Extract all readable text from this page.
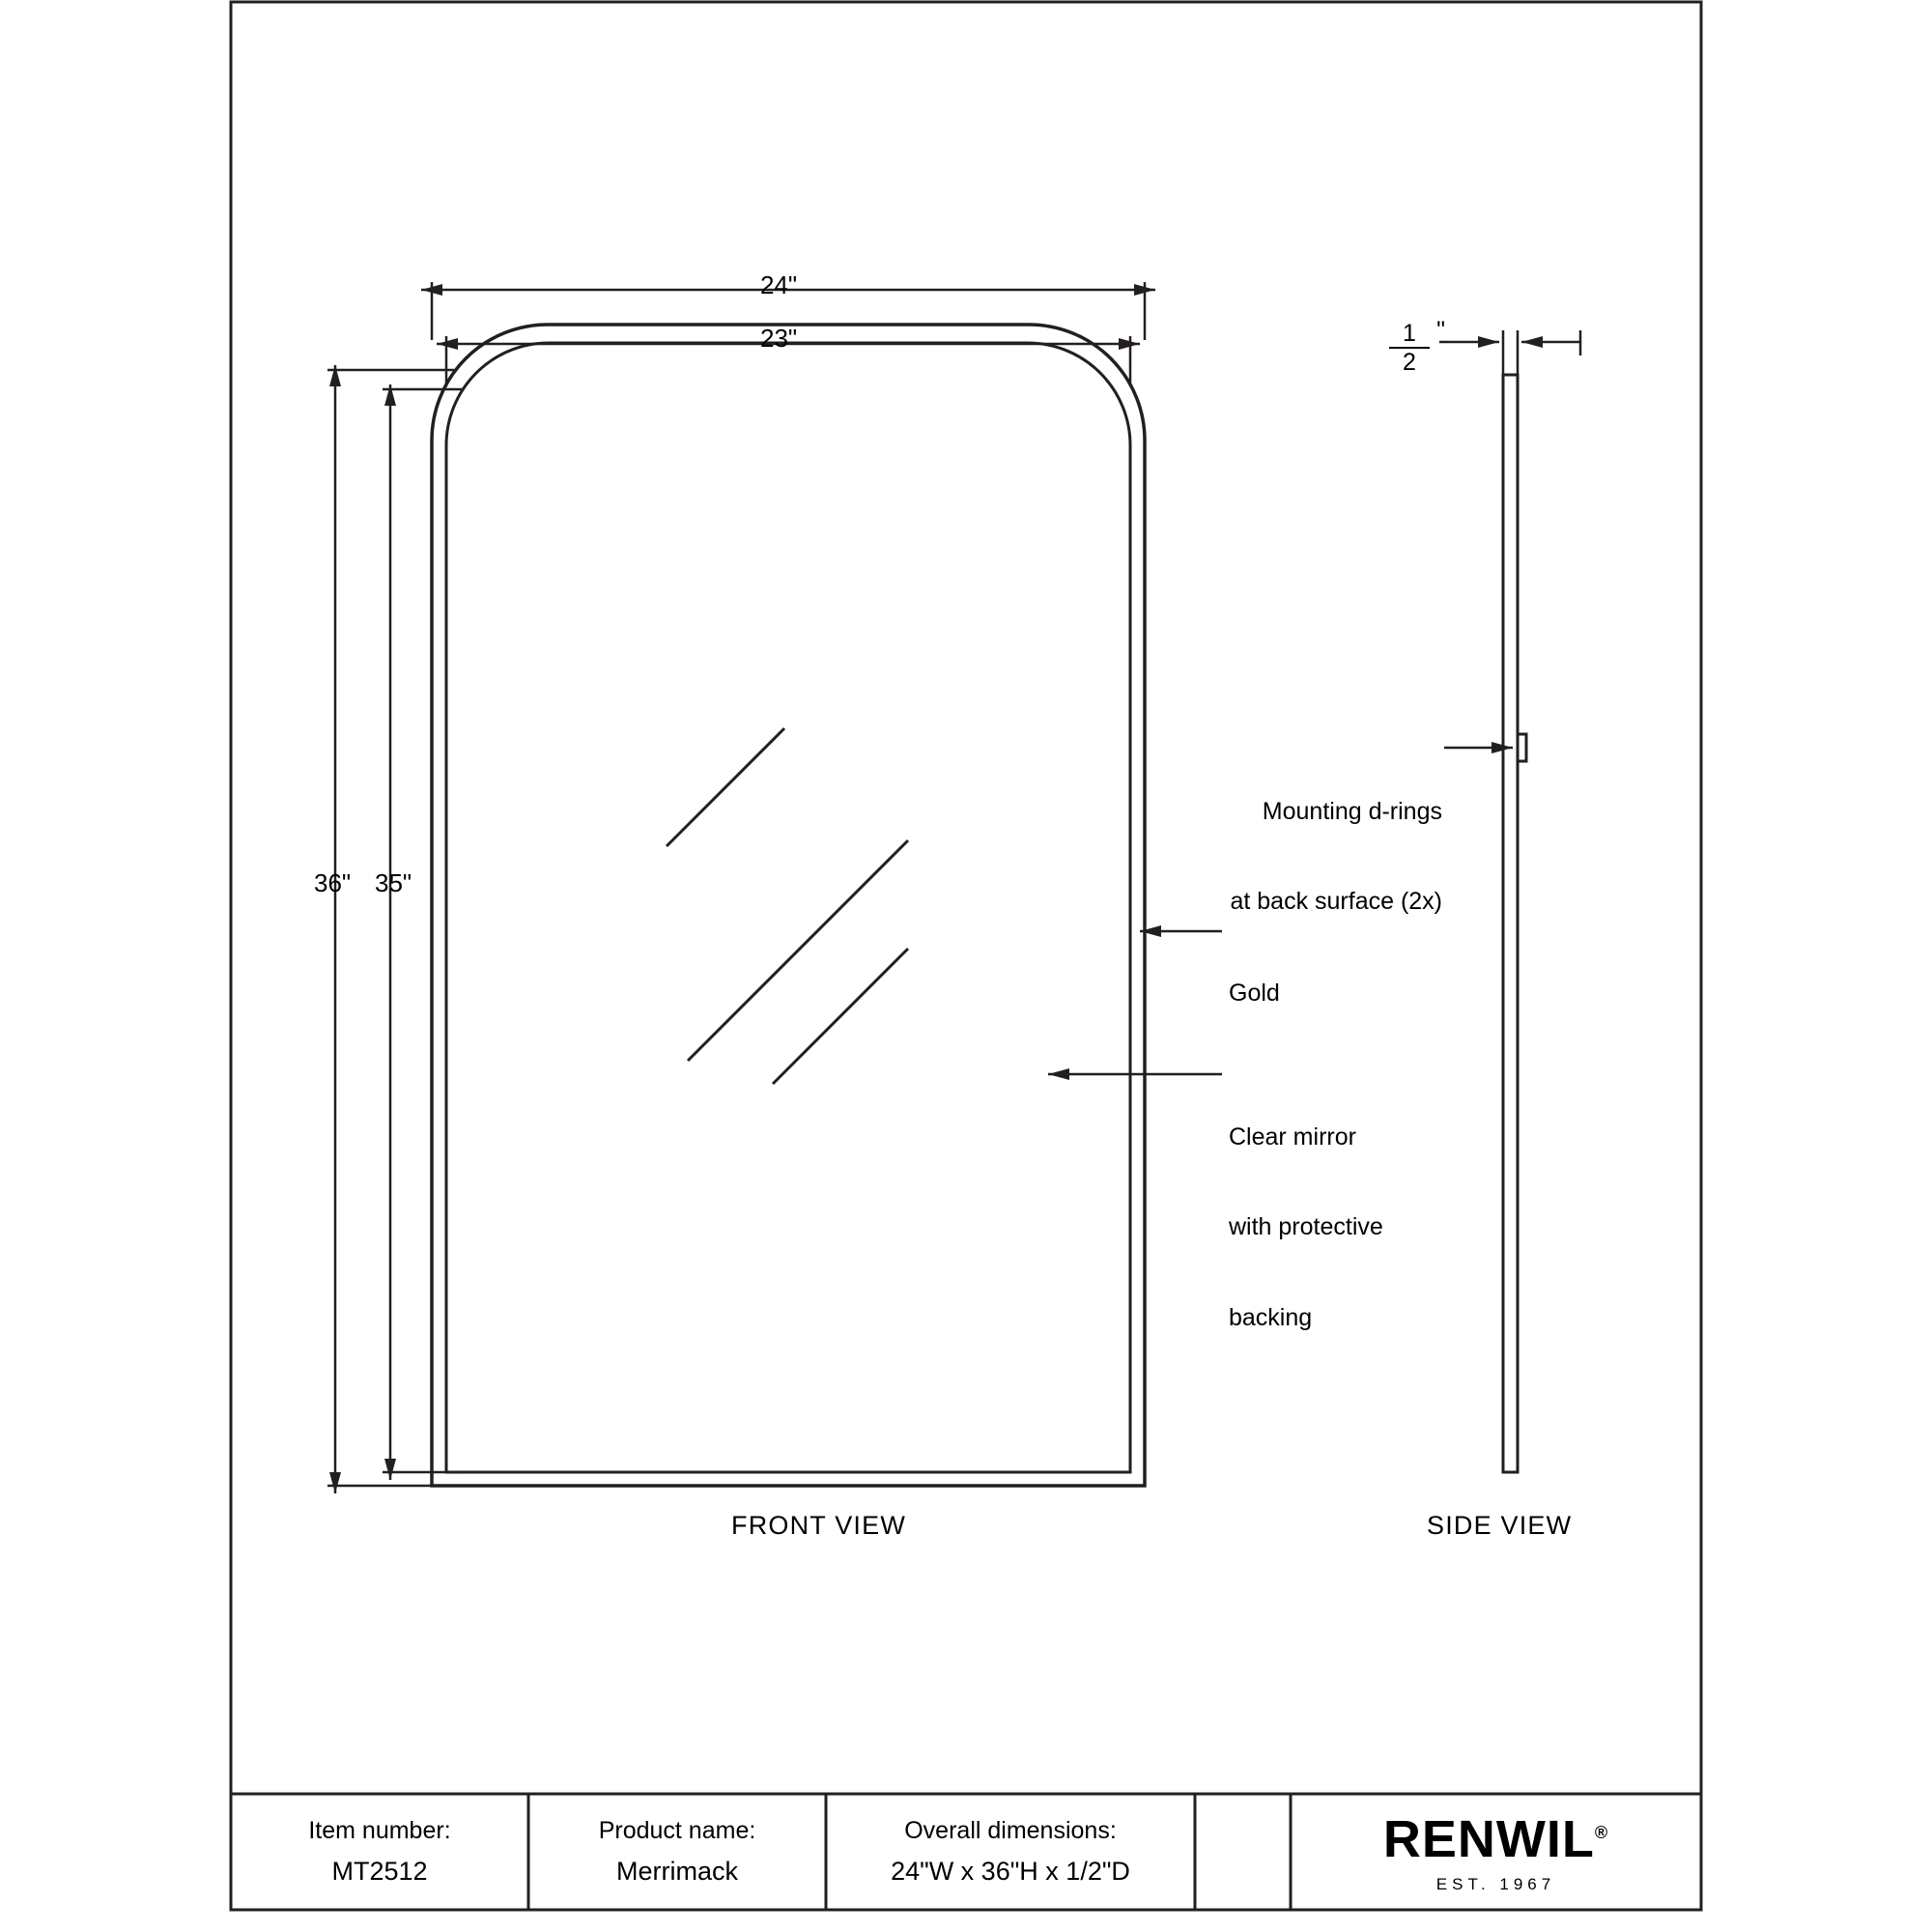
24"
23"
36" 35"
1
2
"

Mounting d-rings

at back surface (2x)

Gold

Clear mirror

with protective

backing

FRONT VIEW	SIDE VIEW
Item number:
MT2512
Product name:
Merrimack
Overall dimensions:
24"W x 36"H x 1/2"D
RENWIL®
EST. 1967
